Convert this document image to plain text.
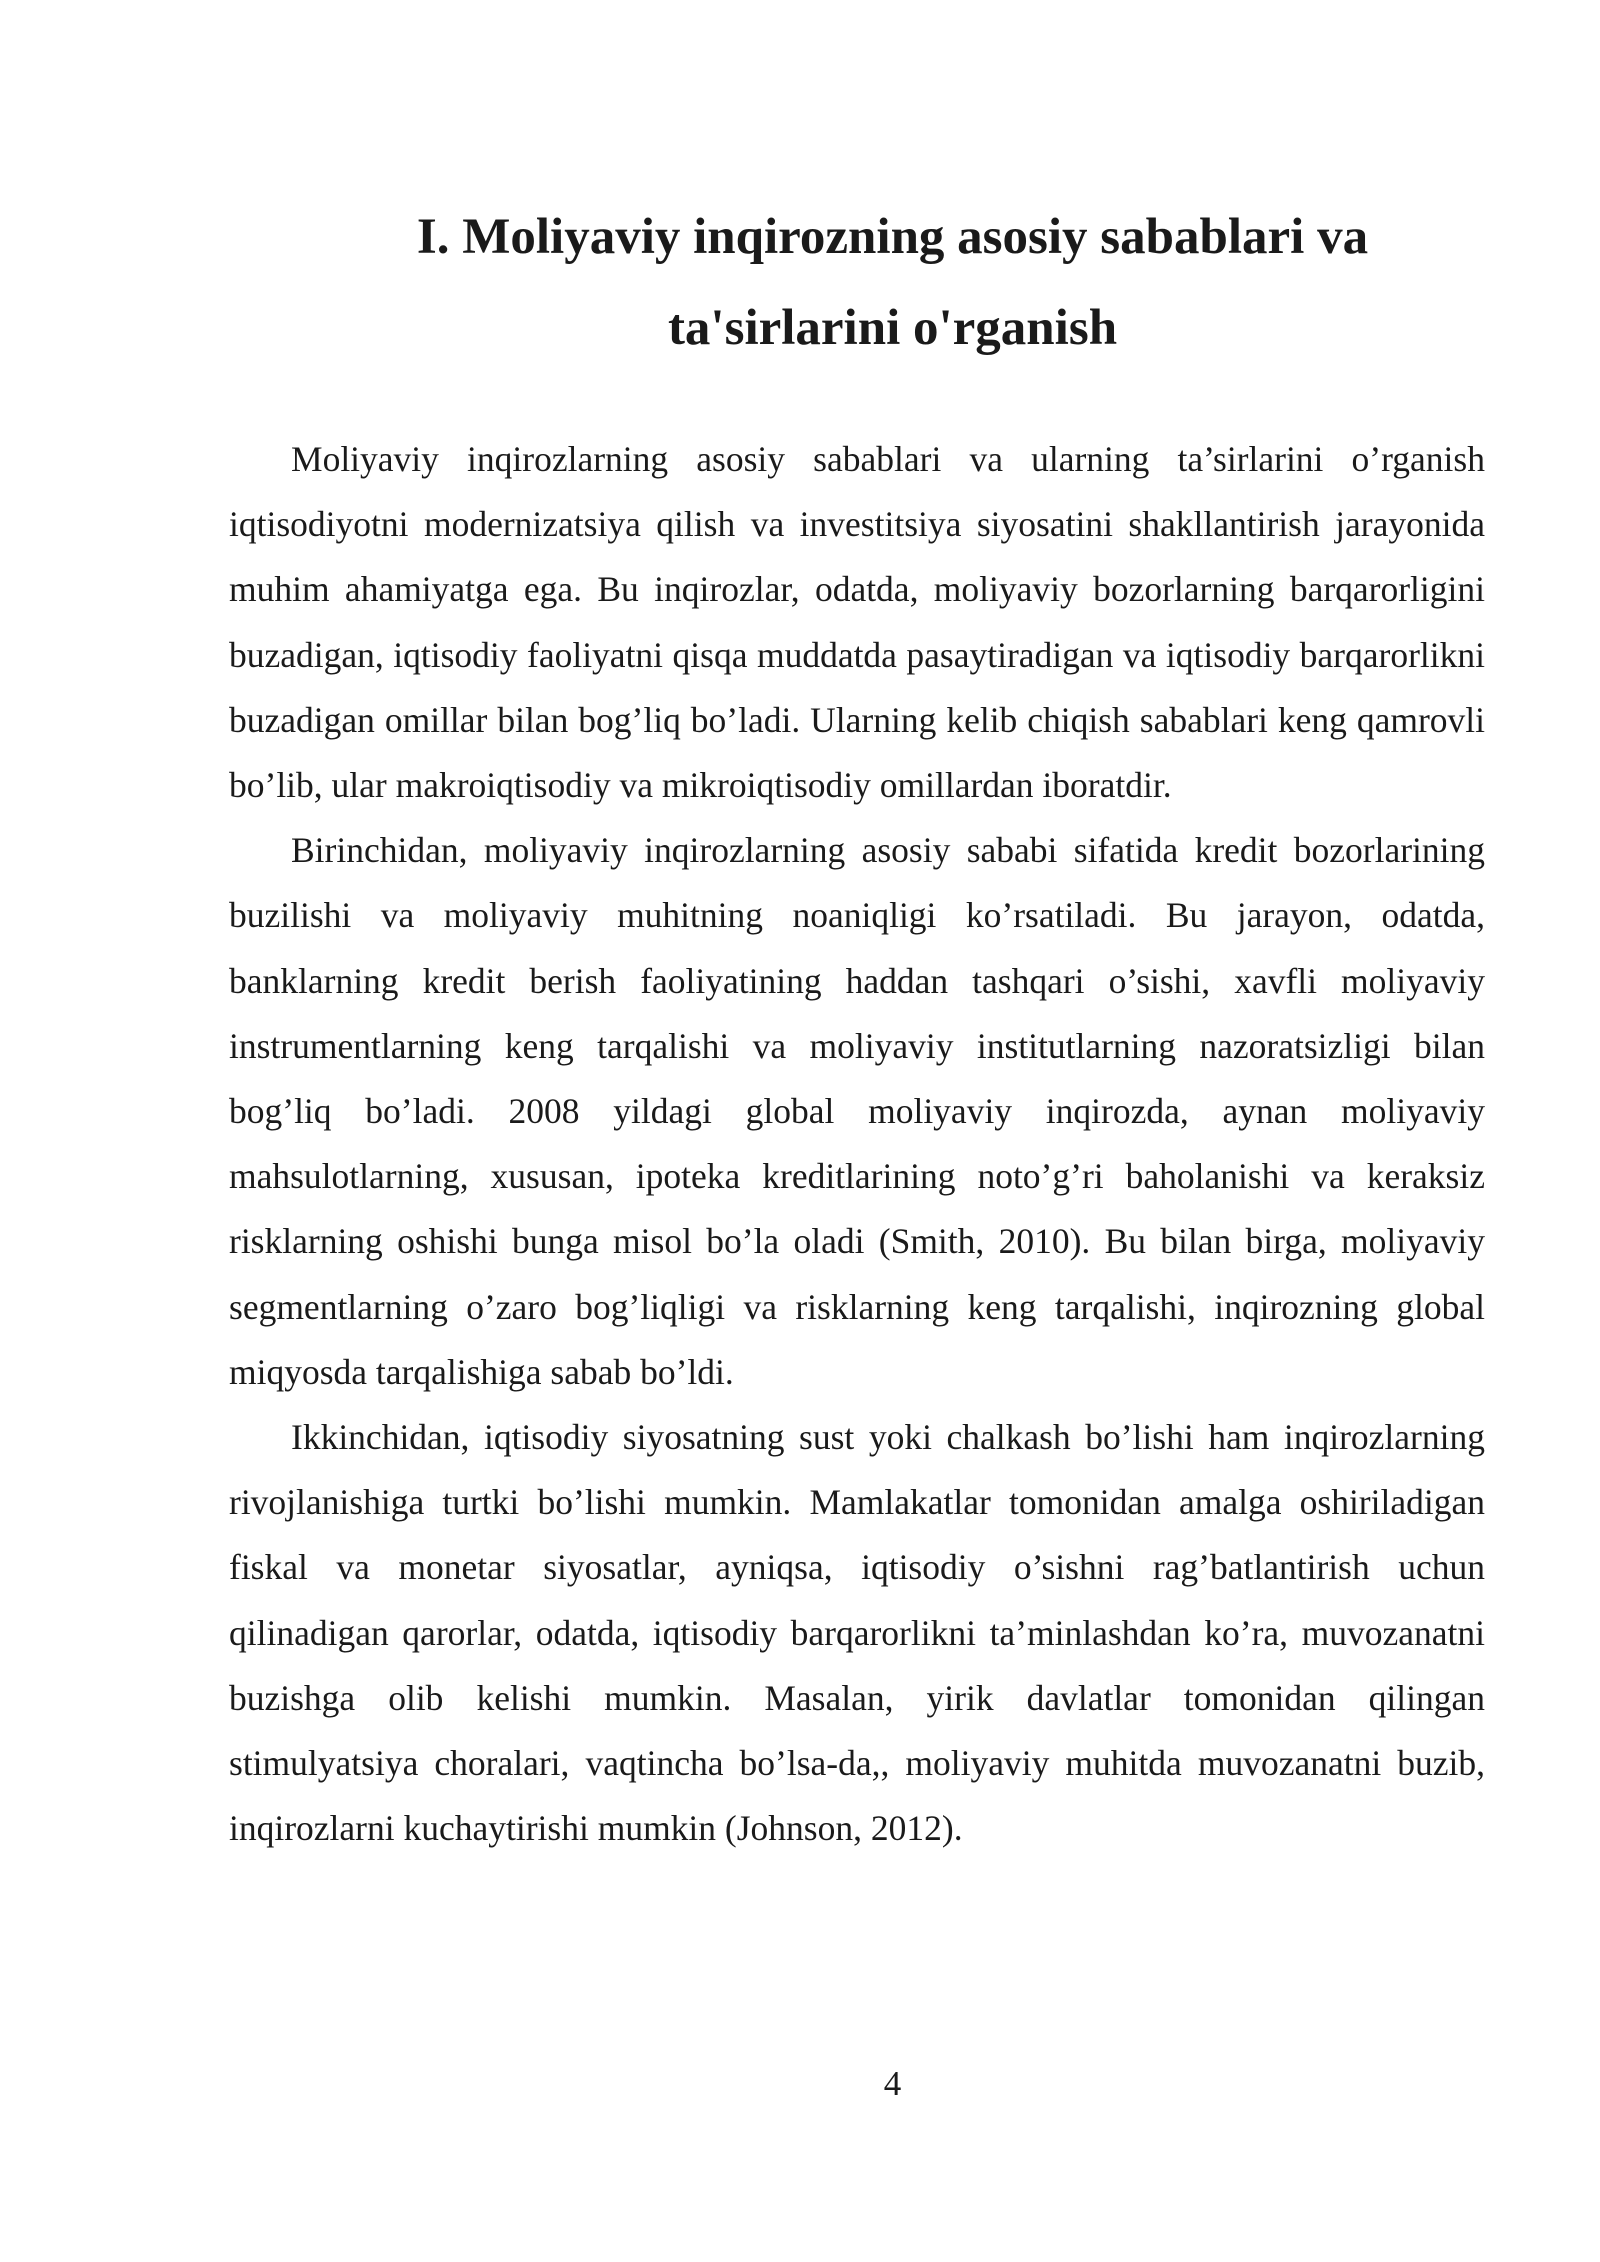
I. Moliyaviy inqirozning asosiy sabablari va
ta'sirlarini o'rganish

Moliyaviy inqirozlarning asosiy sabablari va ularning ta’sirlarini o’rganish iqtisodiyotni modernizatsiya qilish va investitsiya siyosatini shakllantirish jarayonida muhim ahamiyatga ega. Bu inqirozlar, odatda, moliyaviy bozorlarning barqarorligini buzadigan, iqtisodiy faoliyatni qisqa muddatda pasaytiradigan va iqtisodiy barqarorlikni buzadigan omillar bilan bog’liq bo’ladi. Ularning kelib chiqish sabablari keng qamrovli bo’lib, ular makroiqtisodiy va mikroiqtisodiy omillardan iboratdir.

Birinchidan, moliyaviy inqirozlarning asosiy sababi sifatida kredit bozorlarining buzilishi va moliyaviy muhitning noaniqligi ko’rsatiladi. Bu jarayon, odatda, banklarning kredit berish faoliyatining haddan tashqari o’sishi, xavfli moliyaviy instrumentlarning keng tarqalishi va moliyaviy institutlarning nazoratsizligi bilan bog’liq bo’ladi. 2008 yildagi global moliyaviy inqirozda, aynan moliyaviy mahsulotlarning, xususan, ipoteka kreditlarining noto’g’ri baholanishi va keraksiz risklarning oshishi bunga misol bo’la oladi (Smith, 2010). Bu bilan birga, moliyaviy segmentlarning o’zaro bog’liqligi va risklarning keng tarqalishi, inqirozning global miqyosda tarqalishiga sabab bo’ldi.

Ikkinchidan, iqtisodiy siyosatning sust yoki chalkash bo’lishi ham inqirozlarning rivojlanishiga turtki bo’lishi mumkin. Mamlakatlar tomonidan amalga oshiriladigan fiskal va monetar siyosatlar, ayniqsa, iqtisodiy o’sishni rag’batlantirish uchun qilinadigan qarorlar, odatda, iqtisodiy barqarorlikni ta’minlashdan ko’ra, muvozanatni buzishga olib kelishi mumkin. Masalan, yirik davlatlar tomonidan qilingan stimulyatsiya choralari, vaqtincha bo’lsa-da,, moliyaviy muhitda muvozanatni buzib, inqirozlarni kuchaytirishi mumkin (Johnson, 2012).

4
